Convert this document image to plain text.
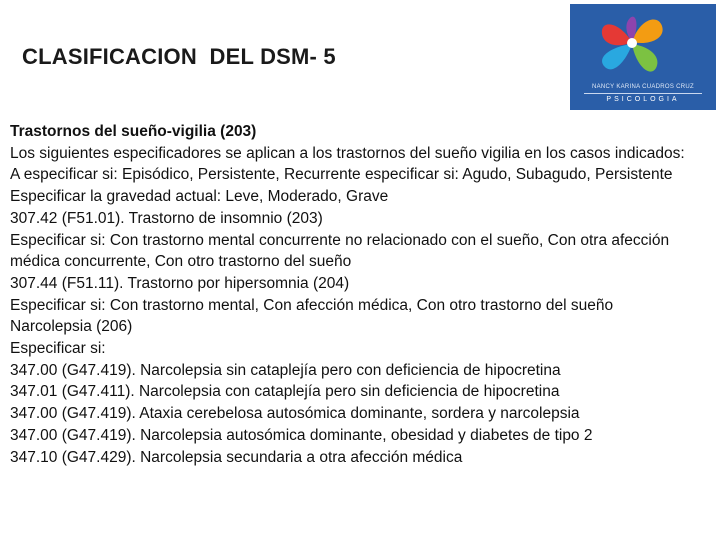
CLASIFICACION  DEL DSM- 5
NANCY KARINA CUADROS CRUZ
PSICOLOGIA
Trastornos del sueño-vigilia (203)
Los siguientes especificadores se aplican a los trastornos del sueño vigilia en los casos indicados:
A especificar si: Episódico, Persistente, Recurrente especificar si: Agudo, Subagudo, Persistente
Especificar la gravedad actual: Leve, Moderado, Grave
307.42 (F51.01). Trastorno de insomnio (203)
Especificar si: Con trastorno mental concurrente no relacionado con el sueño, Con otra afección médica concurrente, Con otro trastorno del sueño
307.44 (F51.11). Trastorno por hipersomnia (204)
Especificar si: Con trastorno mental, Con afección médica, Con otro trastorno del sueño
Narcolepsia (206)
Especificar si:
347.00 (G47.419). Narcolepsia sin cataplejía pero con deficiencia de hipocretina
347.01 (G47.411). Narcolepsia con cataplejía pero sin deficiencia de hipocretina
347.00 (G47.419). Ataxia cerebelosa autosómica dominante, sordera y narcolepsia
347.00 (G47.419). Narcolepsia autosómica dominante, obesidad y diabetes de tipo 2
347.10 (G47.429). Narcolepsia secundaria a otra afección médica
